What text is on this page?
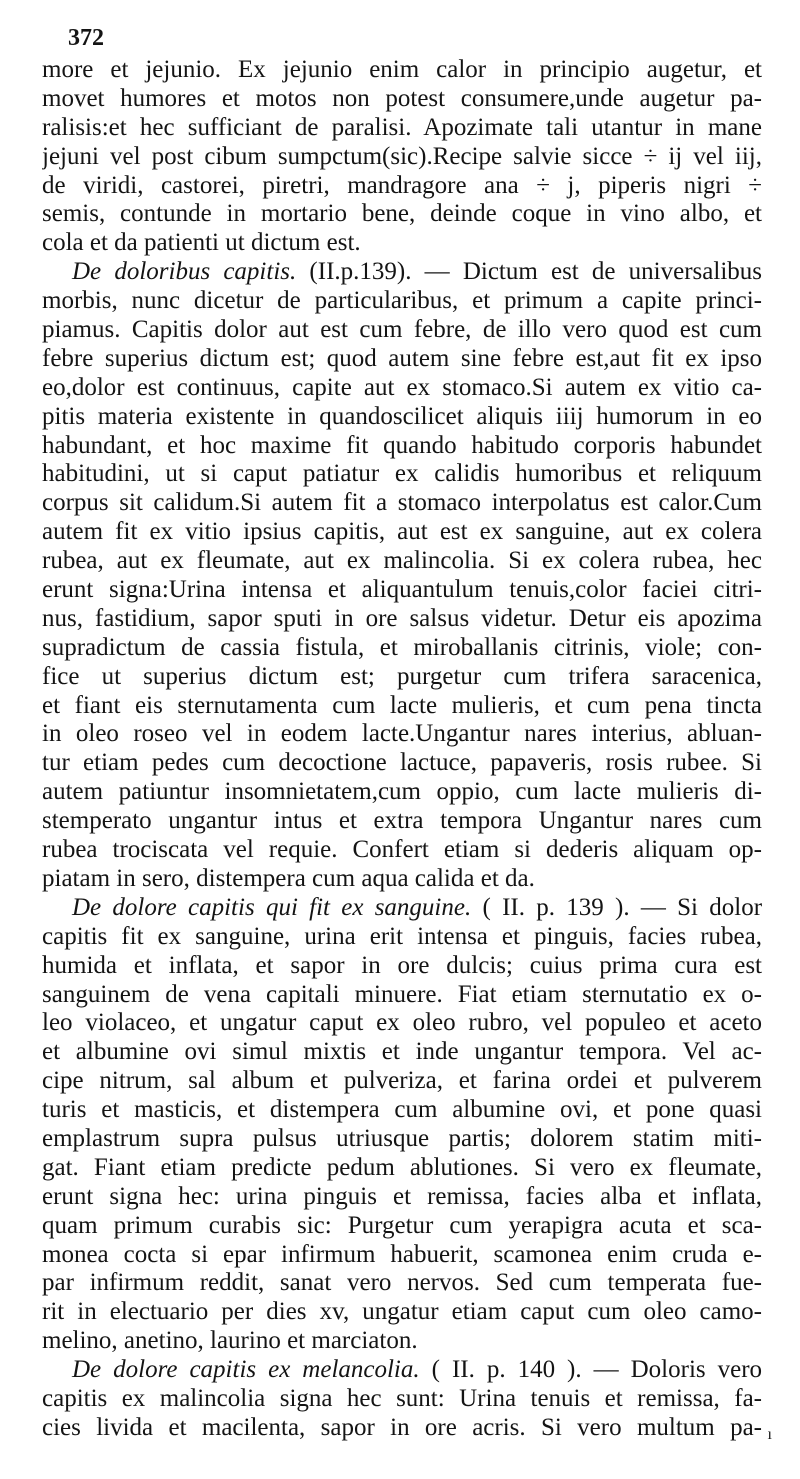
372
more et jejunio. Ex jejunio enim calor in principio augetur, et
movet humores et motos non potest consumere,unde augetur pa-
ralisis:et hec sufficiant de paralisi. Apozimate tali utantur in mane
jejuni vel post cibum sumpctum(sic).Recipe salvie sicce ÷ ij vel iij,
de viridi, castorei, piretri, mandragore ana ÷ j, piperis nigri ÷
semis, contunde in mortario bene, deinde coque in vino albo, et
cola et da patienti ut dictum est.
De doloribus capitis. (II.p.139). — Dictum est de universalibus
morbis, nunc dicetur de particularibus, et primum a capite princi-
piamus. Capitis dolor aut est cum febre, de illo vero quod est cum
febre superius dictum est; quod autem sine febre est,aut fit ex ipso
eo,dolor est continuus, capite aut ex stomaco.Si autem ex vitio ca-
pitis materia existente in quandoscilicet aliquis iiij humorum in eo
habundant, et hoc maxime fit quando habitudo corporis habundet
habitudini, ut si caput patiatur ex calidis humoribus et reliquum
corpus sit calidum.Si autem fit a stomaco interpolatus est calor.Cum
autem fit ex vitio ipsius capitis, aut est ex sanguine, aut ex colera
rubea, aut ex fleumate, aut ex malincolia. Si ex colera rubea, hec
erunt signa:Urina intensa et aliquantulum tenuis,color faciei citri-
nus, fastidium, sapor sputi in ore salsus videtur. Detur eis apozima
supradictum de cassia fistula, et miroballanis citrinis, viole; con-
fice ut superius dictum est; purgetur cum trifera saracenica,
et fiant eis sternutamenta cum lacte mulieris, et cum pena tincta
in oleo roseo vel in eodem lacte.Ungantur nares interius, abluan-
tur etiam pedes cum decoctione lactuce, papaveris, rosis rubee. Si
autem patiuntur insomnietatem,cum oppio, cum lacte mulieris di-
stemperato ungantur intus et extra tempora Ungantur nares cum
rubea trociscata vel requie. Confert etiam si dederis aliquam op-
piatam in sero, distempera cum aqua calida et da.
De dolore capitis qui fit ex sanguine. ( II. p. 139 ). — Si dolor
capitis fit ex sanguine, urina erit intensa et pinguis, facies rubea,
humida et inflata, et sapor in ore dulcis; cuius prima cura est
sanguinem de vena capitali minuere. Fiat etiam sternutatio ex o-
leo violaceo, et ungatur caput ex oleo rubro, vel populeo et aceto
et albumine ovi simul mixtis et inde ungantur tempora. Vel ac-
cipe nitrum, sal album et pulveriza, et farina ordei et pulverem
turis et masticis, et distempera cum albumine ovi, et pone quasi
emplastrum supra pulsus utriusque partis; dolorem statim miti-
gat. Fiant etiam predicte pedum ablutiones. Si vero ex fleumate,
erunt signa hec: urina pinguis et remissa, facies alba et inflata,
quam primum curabis sic: Purgetur cum yerapigra acuta et sca-
monea cocta si epar infirmum habuerit, scamonea enim cruda e-
par infirmum reddit, sanat vero nervos. Sed cum temperata fue-
rit in electuario per dies xv, ungatur etiam caput cum oleo camo-
melino, anetino, laurino et marciaton.
De dolore capitis ex melancolia. ( II. p. 140 ). — Doloris vero
capitis ex malincolia signa hec sunt: Urina tenuis et remissa, fa-
cies livida et macilenta, sapor in ore acris. Si vero multum pa- ı
